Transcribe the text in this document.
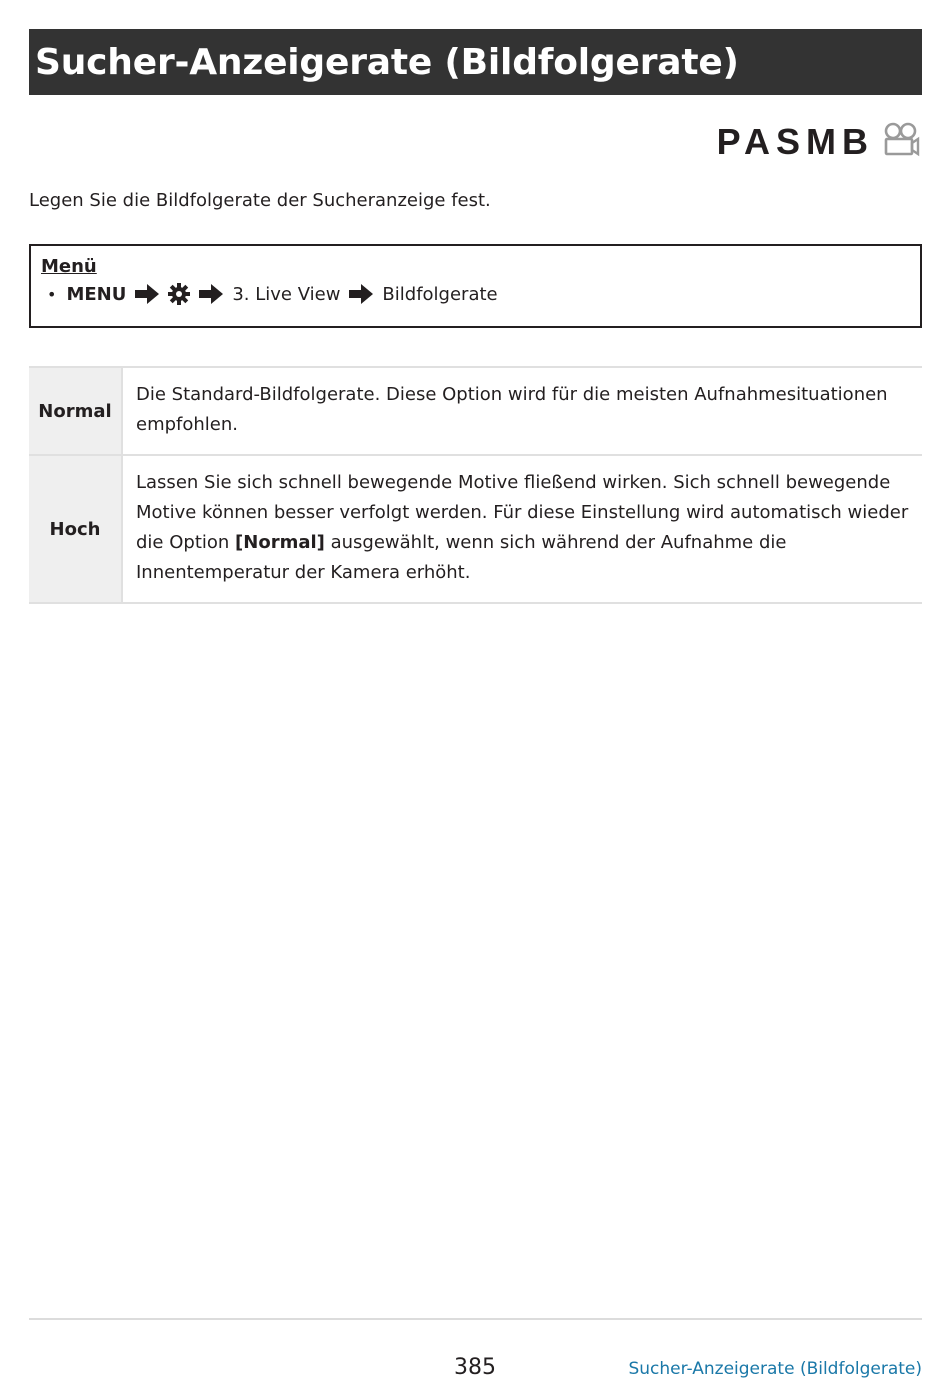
Sucher-Anzeigerate (Bildfolgerate)
PASMB

Legen Sie die Bildfolgerate der Sucheranzeige fest.

Menü
• MENU	3. Live View Bildfolgerate
Normal	Die Standard-Bildfolgerate. Diese Option wird für die meisten Aufnahmesituationen empfohlen.
Hoch	Lassen Sie sich schnell bewegende Motive fließend wirken. Sich schnell bewegende Motive können besser verfolgt werden. Für diese Einstellung wird automatisch wieder die Option [Normal] ausgewählt, wenn sich während der Aufnahme die Innentemperatur der Kamera erhöht.
385	Sucher-Anzeigerate (Bildfolgerate)
